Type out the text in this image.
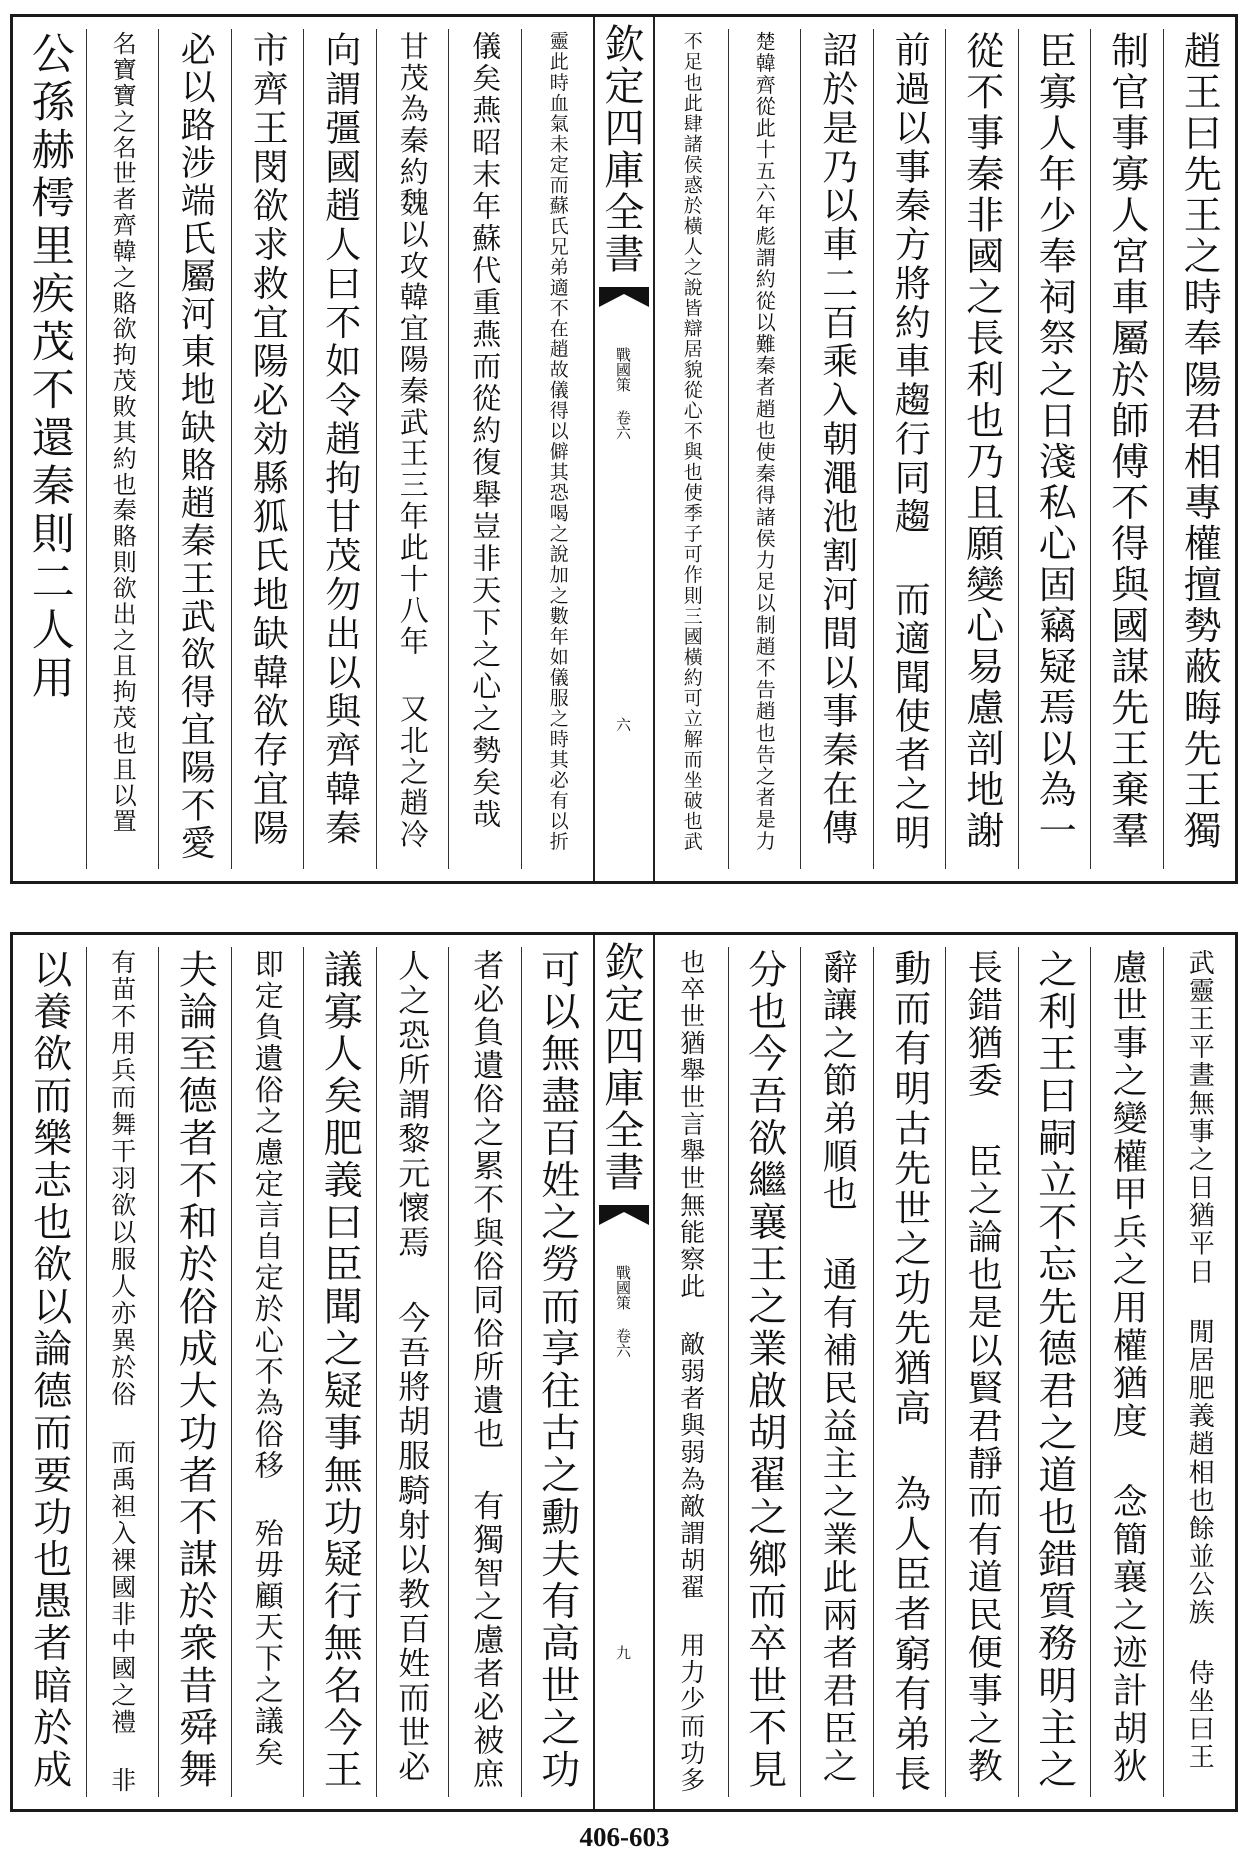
欽定四庫全書
戰國策 卷六
六	趙王曰先王之時奉陽君相專權擅勢蔽晦先王獨
制官事寡人宮車屬於師傅不得與國謀先王棄羣
臣寡人年少奉祠祭之日淺私心固竊疑焉以為一
從不事秦非國之長利也乃且願變心易慮剖地謝
前過以事秦方將約車趨行同趨 而適聞使者之明
詔於是乃以車二百乘入朝澠池割河間以事秦在傳
楚韓齊從此十五六年彪謂約從以難秦者趙也使秦得諸侯力足以制趙不告趙也告之者是力
不足也此肆諸侯惑於橫人之說皆辯居貌從心不與也使季子可作則三國橫約可立解而坐破也武
靈此時血氣未定而蘇氏兄弟適不在趙故儀得以僻其恐喝之說加之數年如儀服之時其必有以折
儀矣燕昭末年蘇代重燕而從約復舉豈非天下之心之勢矣哉
甘茂為秦約魏以攻韓宜陽秦武王三年此十八年 又北之趙冷
向謂彊國趙人曰不如令趙拘甘茂勿出以與齊韓秦
市齊王閔欲求救宜陽必効縣狐氏地缺韓欲存宜陽
必以路涉端氏屬河東地缺賂趙秦王武欲得宜陽不愛
名寶寶之名世者齊韓之賂欲拘茂敗其約也秦賂則欲出之且拘茂也且以置
公孫赫樗里疾茂不還秦則二人用
欽定四庫全書
戰國策 卷六
九	武靈王平晝無事之日猶平日 閒居肥義趙相也餘並公族 侍坐曰王
慮世事之變權甲兵之用權猶度 念簡襄之迹計胡狄
之利王曰嗣立不忘先德君之道也錯質務明主之
長錯猶委 臣之論也是以賢君靜而有道民便事之教
動而有明古先世之功先猶高 為人臣者窮有弟長
辭讓之節弟順也 通有補民益主之業此兩者君臣之
分也今吾欲繼襄王之業啟胡翟之鄉而卒世不見
也卒世猶舉世言舉世無能察此 敵弱者與弱為敵謂胡翟 用力少而功多
可以無盡百姓之勞而享往古之勳夫有高世之功
者必負遺俗之累不與俗同俗所遺也 有獨智之慮者必被庶
人之恐所謂黎元懷焉 今吾將胡服騎射以教百姓而世必
議寡人矣肥義曰臣聞之疑事無功疑行無名今王
即定負遺俗之慮定言自定於心不為俗移 殆毋顧天下之議矣
夫論至德者不和於俗成大功者不謀於衆昔舜舞
有苗不用兵而舞干羽欲以服人亦異於俗 而禹袒入裸國非中國之禮 非
以養欲而樂志也欲以論德而要功也愚者暗於成
406-603
